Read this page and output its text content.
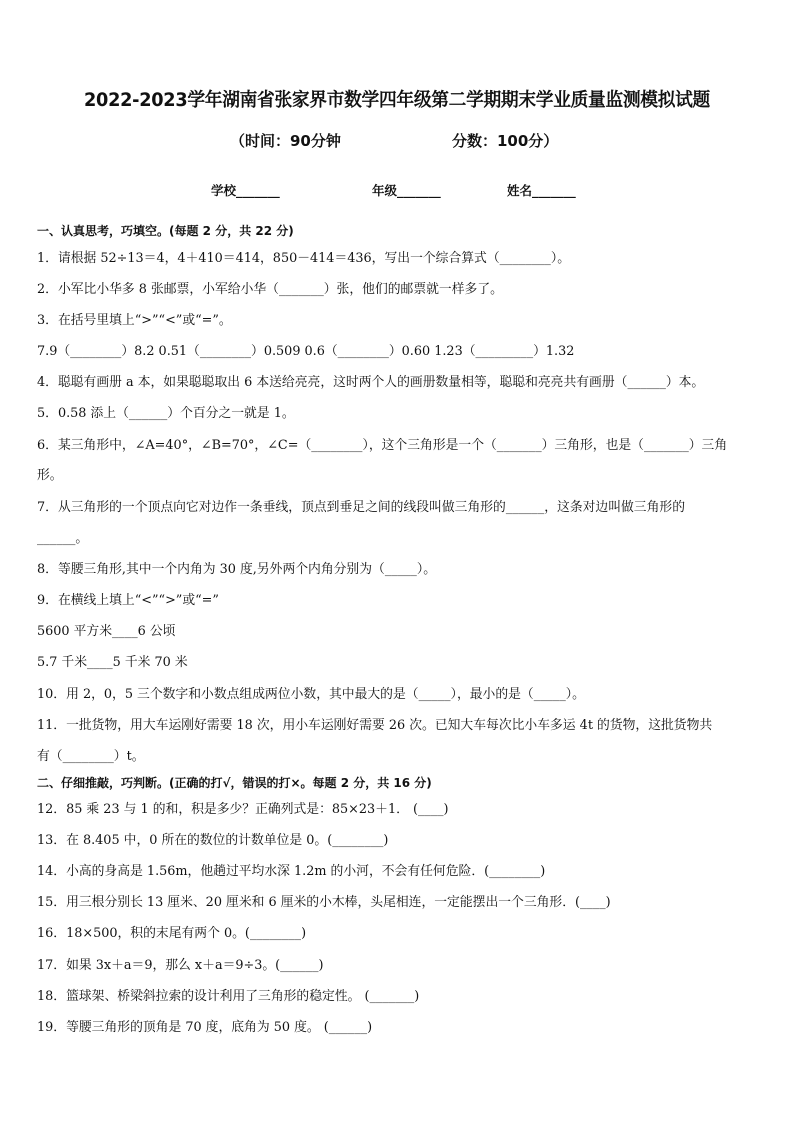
2022-2023学年湖南省张家界市数学四年级第二学期期末学业质量监测模拟试题
（时间：90分钟	分数：100分）
学校_______	年级_______	姓名_______
一、认真思考，巧填空。(每题 2 分，共 22 分)
1．请根据 52÷13＝4，4＋410＝414，850－414＝436，写出一个综合算式（________）。
2．小军比小华多 8 张邮票，小军给小华（_______）张，他们的邮票就一样多了。
3．在括号里填上“>”“<”或“=”。
7.9（________）8.2 0.51（________）0.509 0.6（________）0.60 1.23（_________）1.32
4．聪聪有画册 a 本，如果聪聪取出 6 本送给亮亮，这时两个人的画册数量相等，聪聪和亮亮共有画册（______）本。
5．0.58 添上（______）个百分之一就是 1。
6．某三角形中，∠A=40°，∠B=70°，∠C=（________），这个三角形是一个（_______）三角形，也是（_______）三角
形。
7．从三角形的一个顶点向它对边作一条垂线，顶点到垂足之间的线段叫做三角形的______，这条对边叫做三角形的
______。
8．等腰三角形,其中一个内角为 30 度,另外两个内角分别为（_____）。
9．在横线上填上“<”“>”或“=”
5600 平方米____6 公顷
5.7 千米____5 千米 70 米
10．用 2，0，5 三个数字和小数点组成两位小数，其中最大的是（_____），最小的是（_____）。
11．一批货物，用大车运刚好需要 18 次，用小车运刚好需要 26 次。已知大车每次比小车多运 4t 的货物，这批货物共
有（________）t。
二、仔细推敲，巧判断。(正确的打√，错误的打×。每题 2 分，共 16 分)
12．85 乘 23 与 1 的和，积是多少？正确列式是：85×23＋1． (____)
13．在 8.405 中，0 所在的数位的计数单位是 0。(________)
14．小高的身高是 1.56m，他趟过平均水深 1.2m 的小河，不会有任何危险．(________)
15．用三根分别长 13 厘米、20 厘米和 6 厘米的小木棒，头尾相连，一定能摆出一个三角形．(____)
16．18×500，积的末尾有两个 0。(________)
17．如果 3x＋a＝9，那么 x＋a＝9÷3。(______)
18．篮球架、桥梁斜拉索的设计利用了三角形的稳定性。 (_______)
19．等腰三角形的顶角是 70 度，底角为 50 度。 (______)
